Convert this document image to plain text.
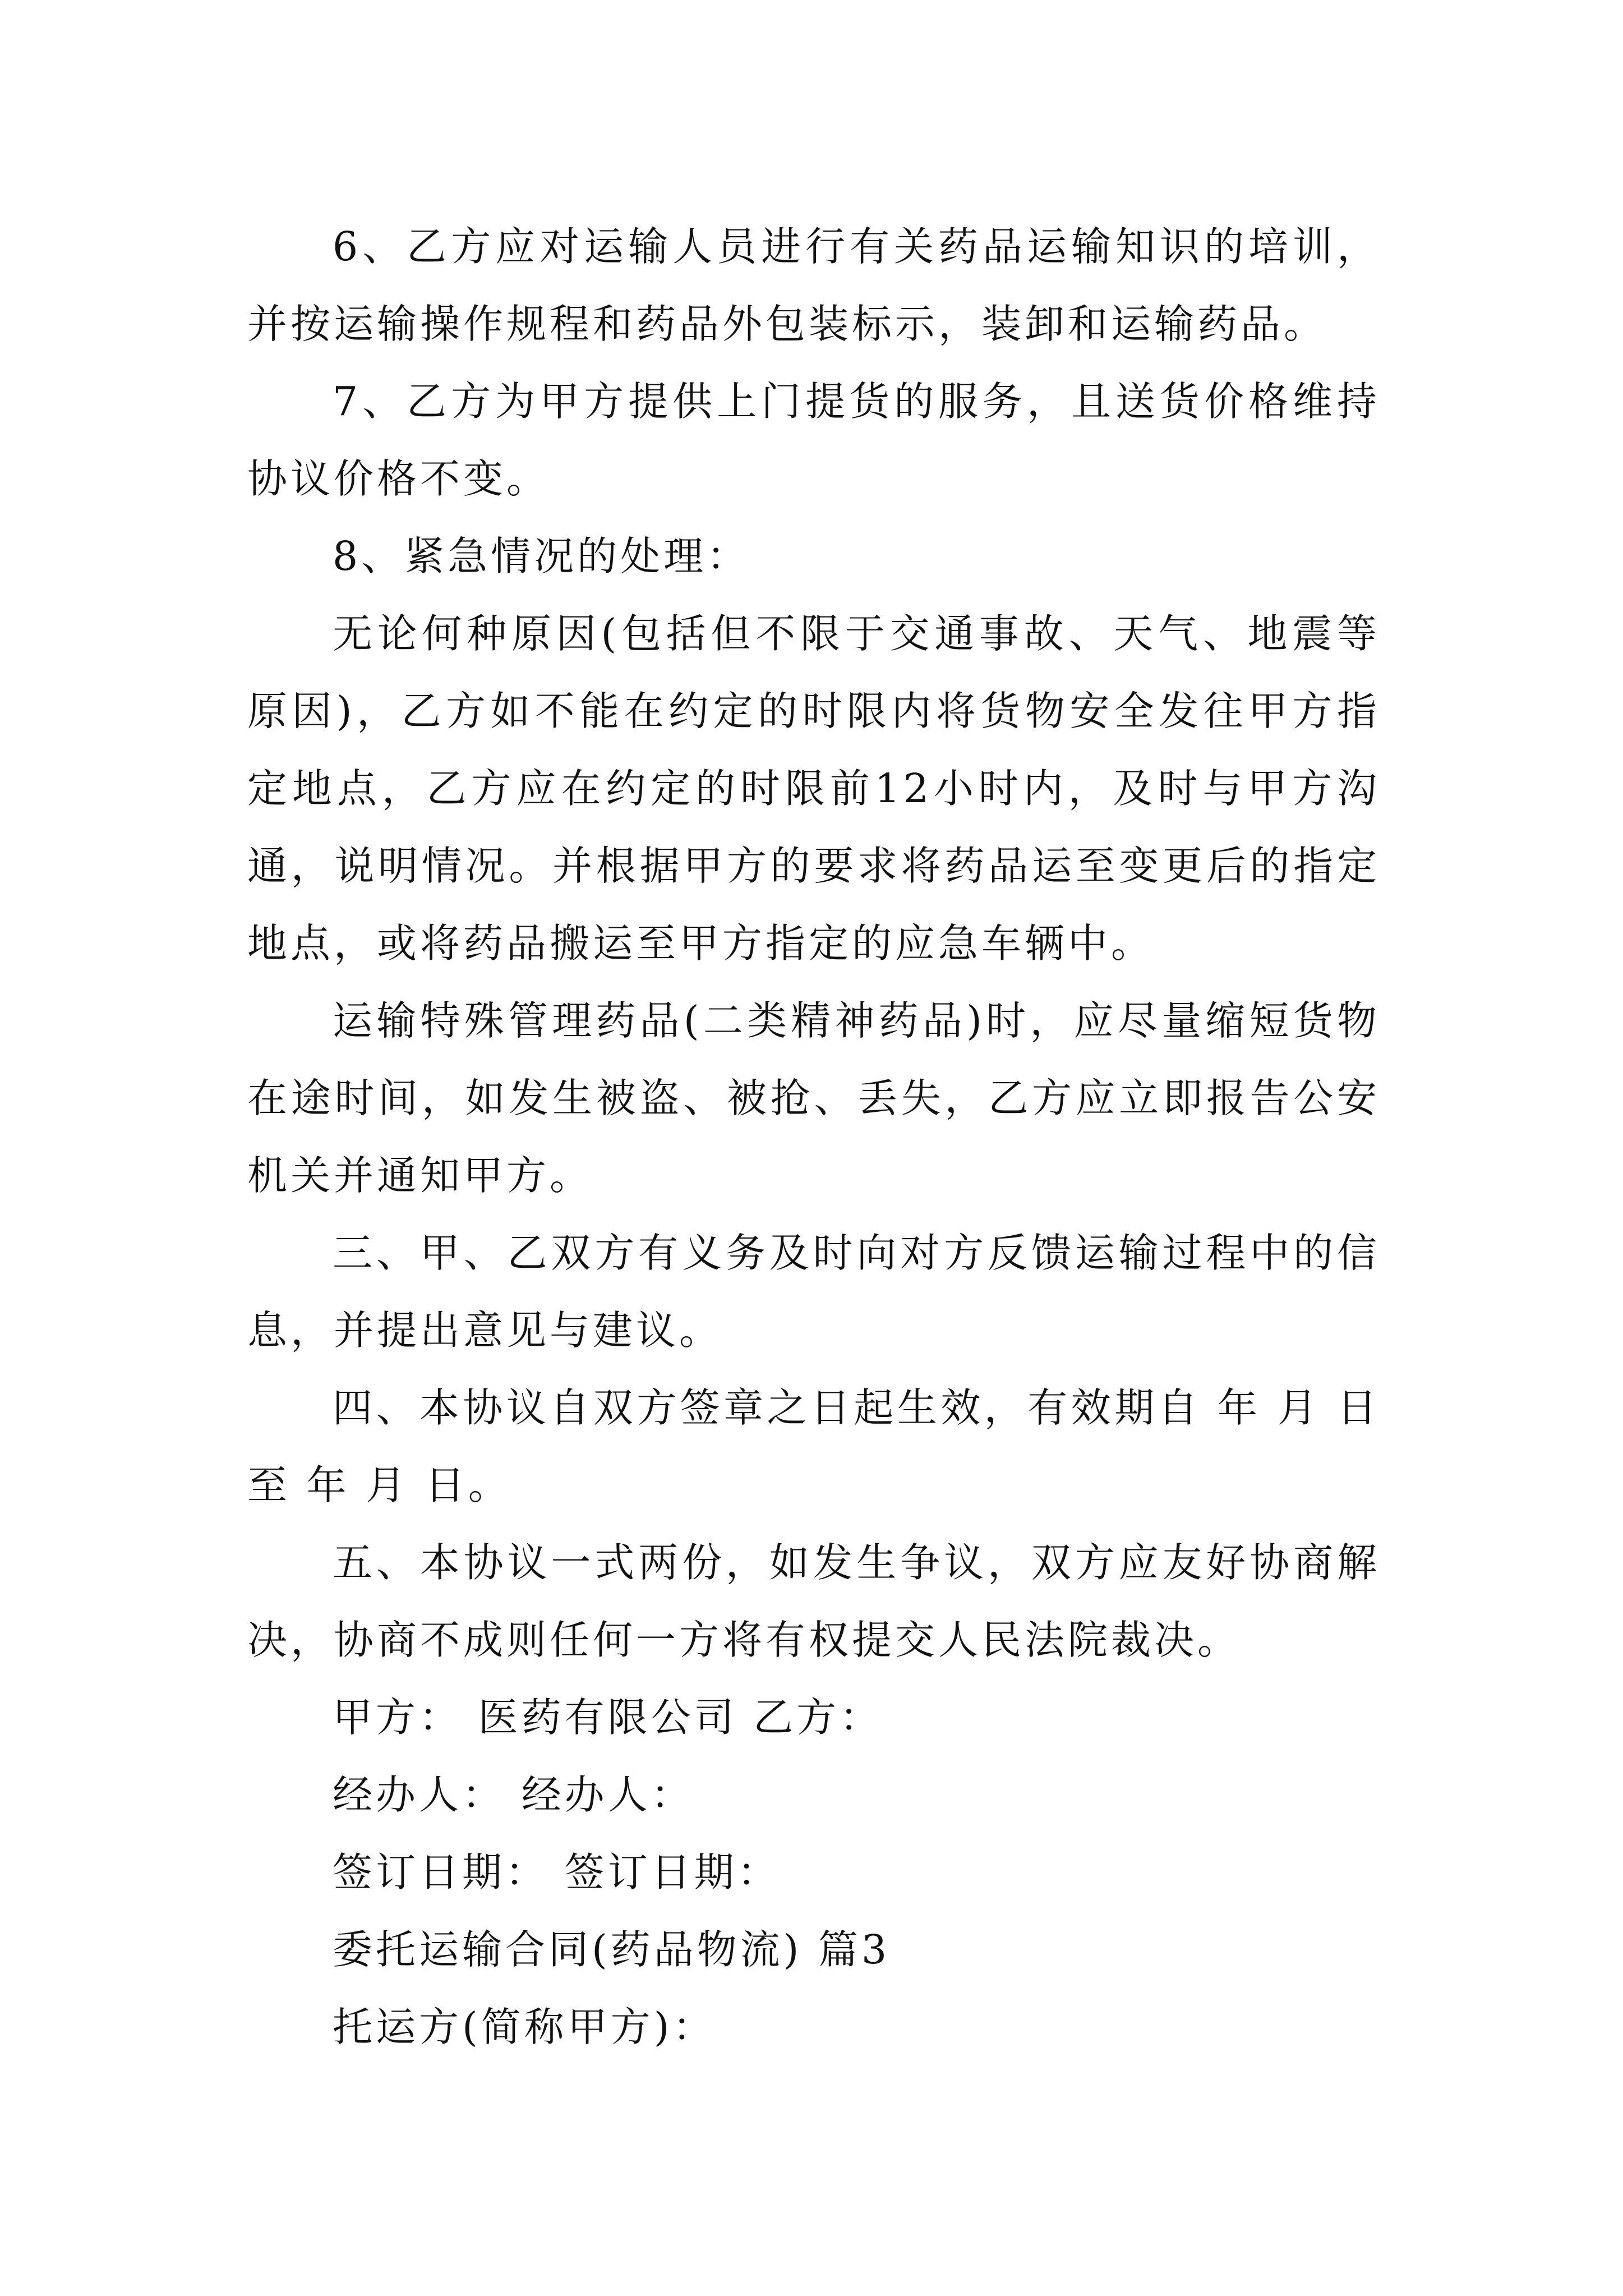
6、乙方应对运输人员进行有关药品运输知识的培训，并按运输操作规程和药品外包装标示，装卸和运输药品。

7、乙方为甲方提供上门提货的服务，且送货价格维持协议价格不变。

8、紧急情况的处理：

无论何种原因(包括但不限于交通事故、天气、地震等原因)，乙方如不能在约定的时限内将货物安全发往甲方指定地点，乙方应在约定的时限前12小时内，及时与甲方沟通，说明情况。并根据甲方的要求将药品运至变更后的指定地点，或将药品搬运至甲方指定的应急车辆中。

运输特殊管理药品(二类精神药品)时，应尽量缩短货物在途时间，如发生被盗、被抢、丢失，乙方应立即报告公安机关并通知甲方。

三、甲、乙双方有义务及时向对方反馈运输过程中的信息，并提出意见与建议。

四、本协议自双方签章之日起生效，有效期自 年 月 日至 年 月 日。

五、本协议一式两份，如发生争议，双方应友好协商解决，协商不成则任何一方将有权提交人民法院裁决。

甲方： 医药有限公司 乙方：

经办人： 经办人：

签订日期： 签订日期：

委托运输合同(药品物流) 篇3

托运方(简称甲方)：
